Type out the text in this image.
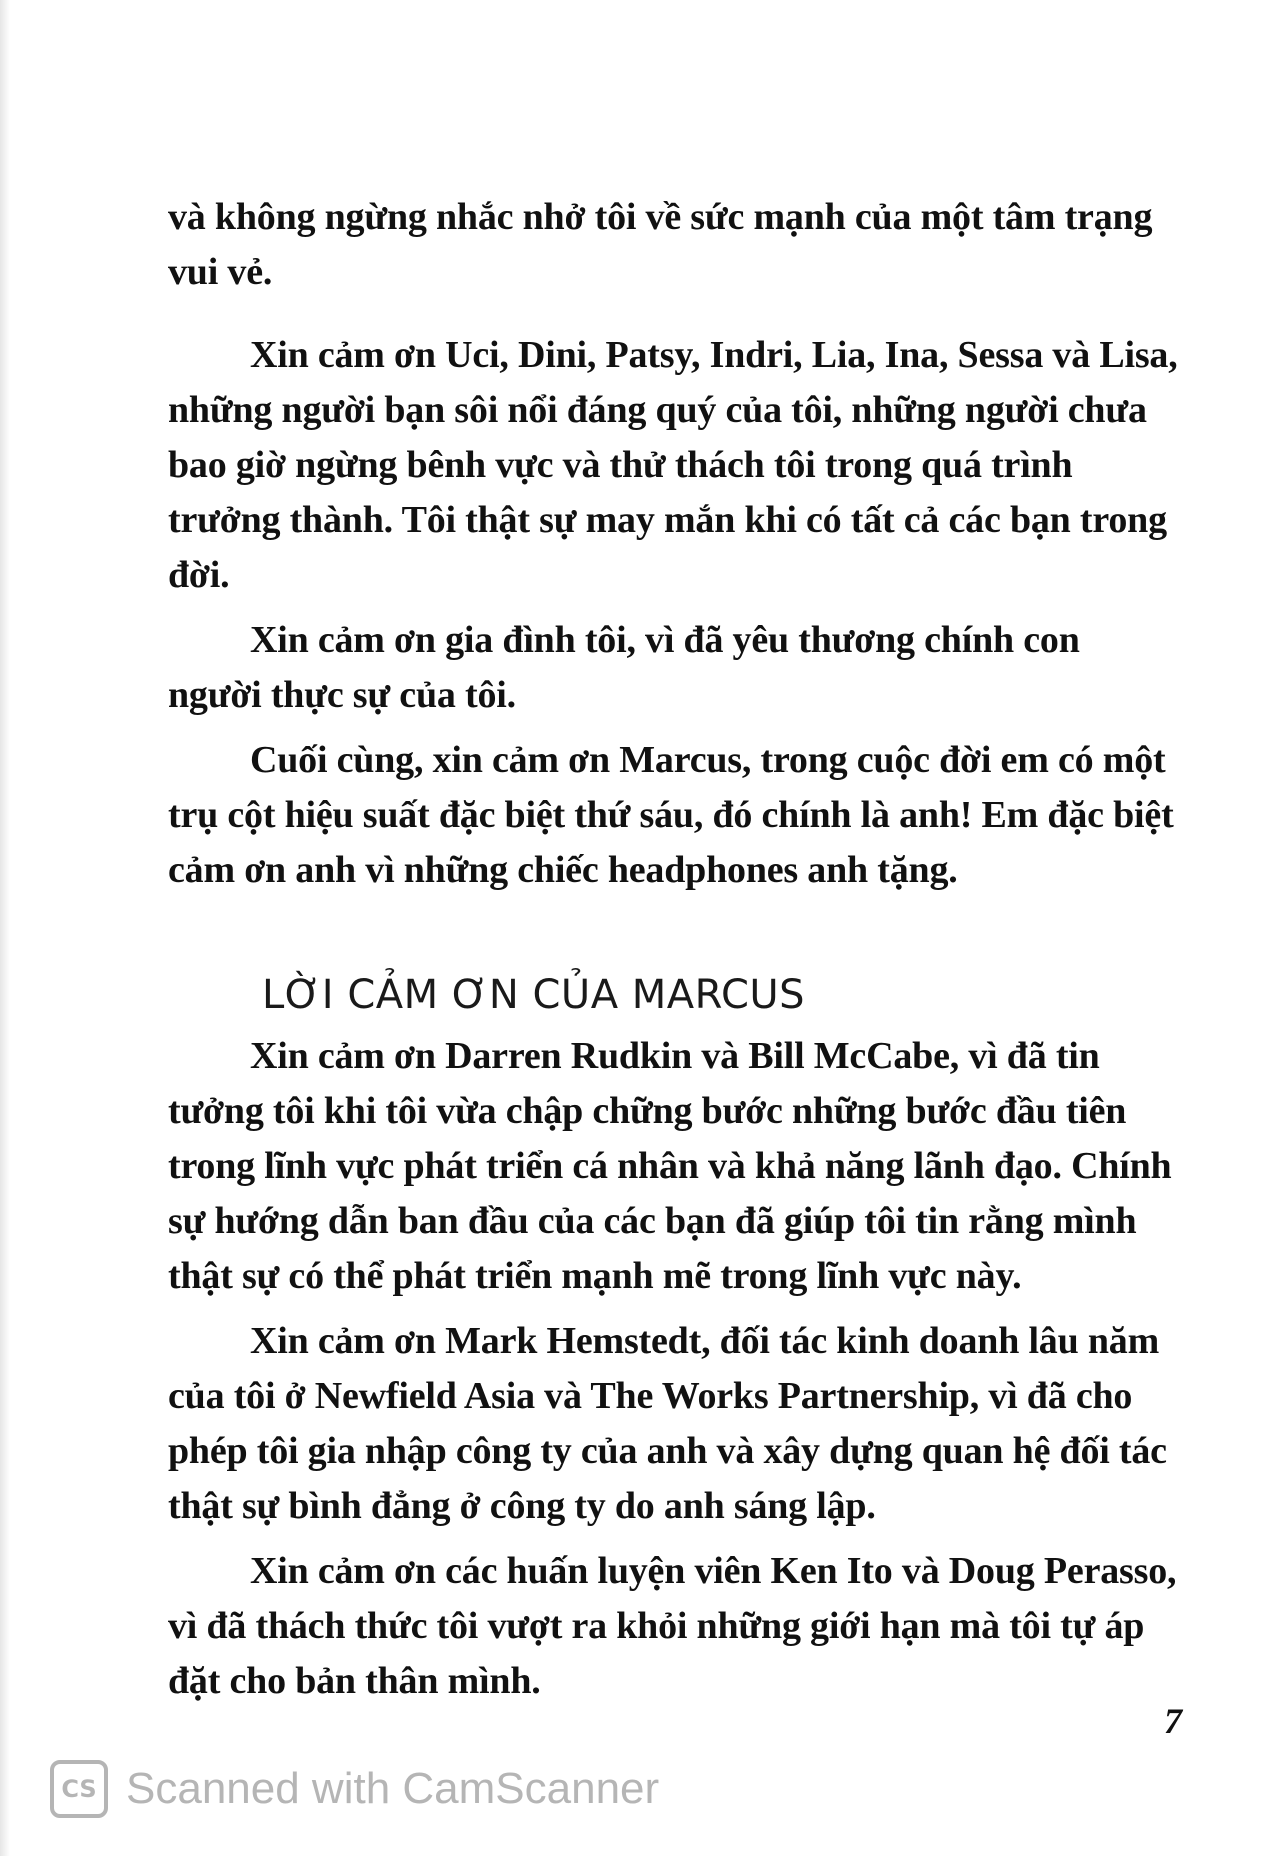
và không ngừng nhắc nhở tôi về sức mạnh của một tâm trạng vui vẻ.

Xin cảm ơn Uci, Dini, Patsy, Indri, Lia, Ina, Sessa và Lisa, những người bạn sôi nổi đáng quý của tôi, những người chưa bao giờ ngừng bênh vực và thử thách tôi trong quá trình trưởng thành. Tôi thật sự may mắn khi có tất cả các bạn trong đời.

Xin cảm ơn gia đình tôi, vì đã yêu thương chính con người thực sự của tôi.

Cuối cùng, xin cảm ơn Marcus, trong cuộc đời em có một trụ cột hiệu suất đặc biệt thứ sáu, đó chính là anh! Em đặc biệt cảm ơn anh vì những chiếc headphones anh tặng.

LỜI CẢM ƠN CỦA MARCUS

Xin cảm ơn Darren Rudkin và Bill McCabe, vì đã tin tưởng tôi khi tôi vừa chập chững bước những bước đầu tiên trong lĩnh vực phát triển cá nhân và khả năng lãnh đạo. Chính sự hướng dẫn ban đầu của các bạn đã giúp tôi tin rằng mình thật sự có thể phát triển mạnh mẽ trong lĩnh vực này.

Xin cảm ơn Mark Hemstedt, đối tác kinh doanh lâu năm của tôi ở Newfield Asia và The Works Partnership, vì đã cho phép tôi gia nhập công ty của anh và xây dựng quan hệ đối tác thật sự bình đẳng ở công ty do anh sáng lập.

Xin cảm ơn các huấn luyện viên Ken Ito và Doug Perasso, vì đã thách thức tôi vượt ra khỏi những giới hạn mà tôi tự áp đặt cho bản thân mình.

7
CS Scanned with CamScanner
